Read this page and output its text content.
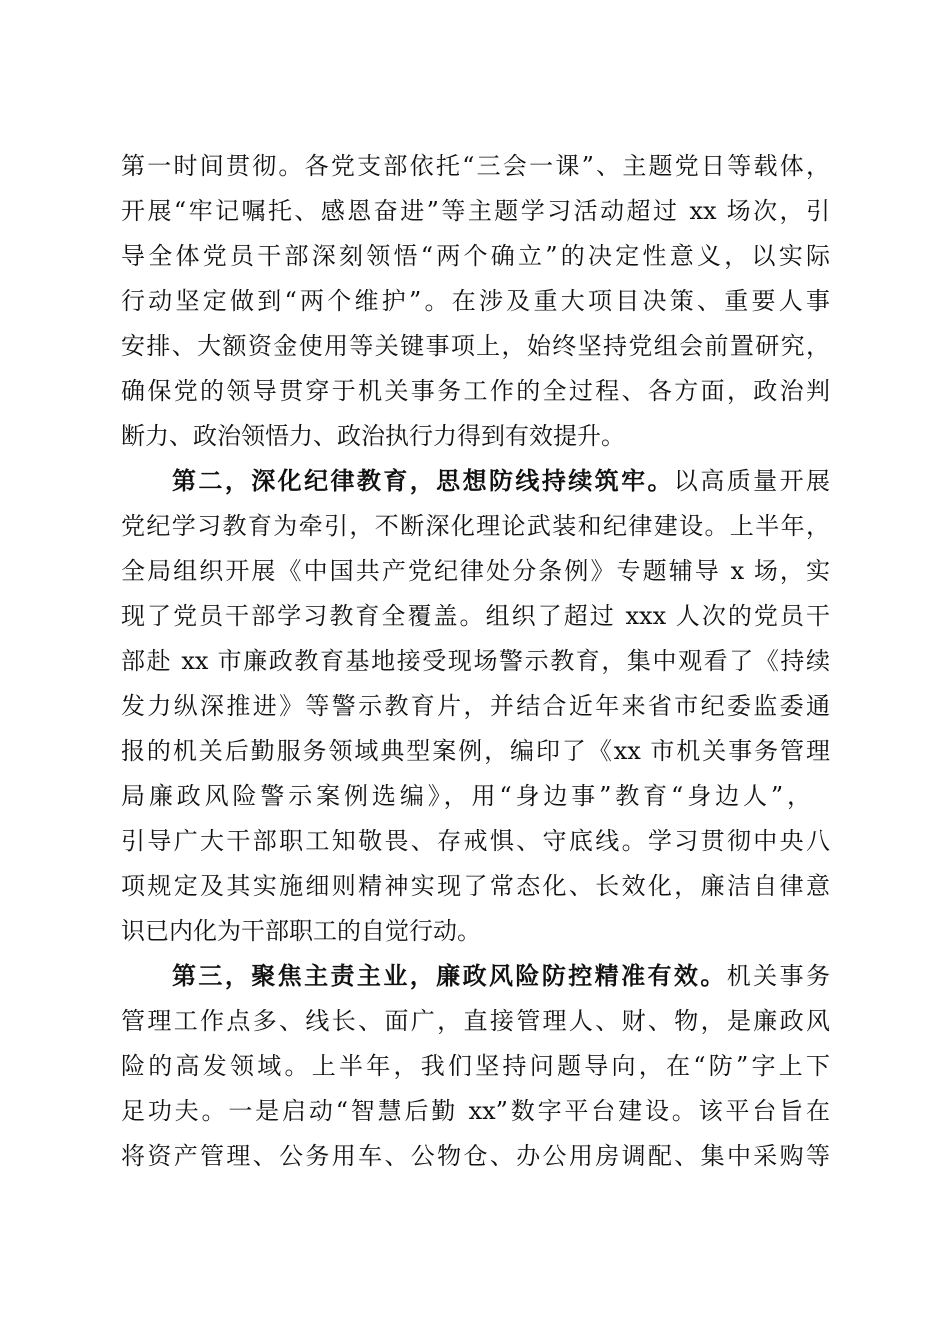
第一时间贯彻。各党支部依托“三会一课”、主题党日等载体，

开展“牢记嘱托、感恩奋进”等主题学习活动超过 xx 场次，引

导全体党员干部深刻领悟“两个确立”的决定性意义，以实际

行动坚定做到“两个维护”。在涉及重大项目决策、重要人事

安排、大额资金使用等关键事项上，始终坚持党组会前置研究，

确保党的领导贯穿于机关事务工作的全过程、各方面，政治判

断力、政治领悟力、政治执行力得到有效提升。

第二，深化纪律教育，思想防线持续筑牢。以高质量开展

党纪学习教育为牵引，不断深化理论武装和纪律建设。上半年，

全局组织开展《中国共产党纪律处分条例》专题辅导 x 场，实

现了党员干部学习教育全覆盖。组织了超过 xxx 人次的党员干

部赴 xx 市廉政教育基地接受现场警示教育，集中观看了《持续

发力纵深推进》等警示教育片，并结合近年来省市纪委监委通

报的机关后勤服务领域典型案例，编印了《xx 市机关事务管理

局廉政风险警示案例选编》，用“身边事”教育“身边人”，

引导广大干部职工知敬畏、存戒惧、守底线。学习贯彻中央八

项规定及其实施细则精神实现了常态化、长效化，廉洁自律意

识已内化为干部职工的自觉行动。

第三，聚焦主责主业，廉政风险防控精准有效。机关事务

管理工作点多、线长、面广，直接管理人、财、物，是廉政风

险的高发领域。上半年，我们坚持问题导向，在“防”字上下

足功夫。一是启动“智慧后勤 xx”数字平台建设。该平台旨在

将资产管理、公务用车、公物仓、办公用房调配、集中采购等
